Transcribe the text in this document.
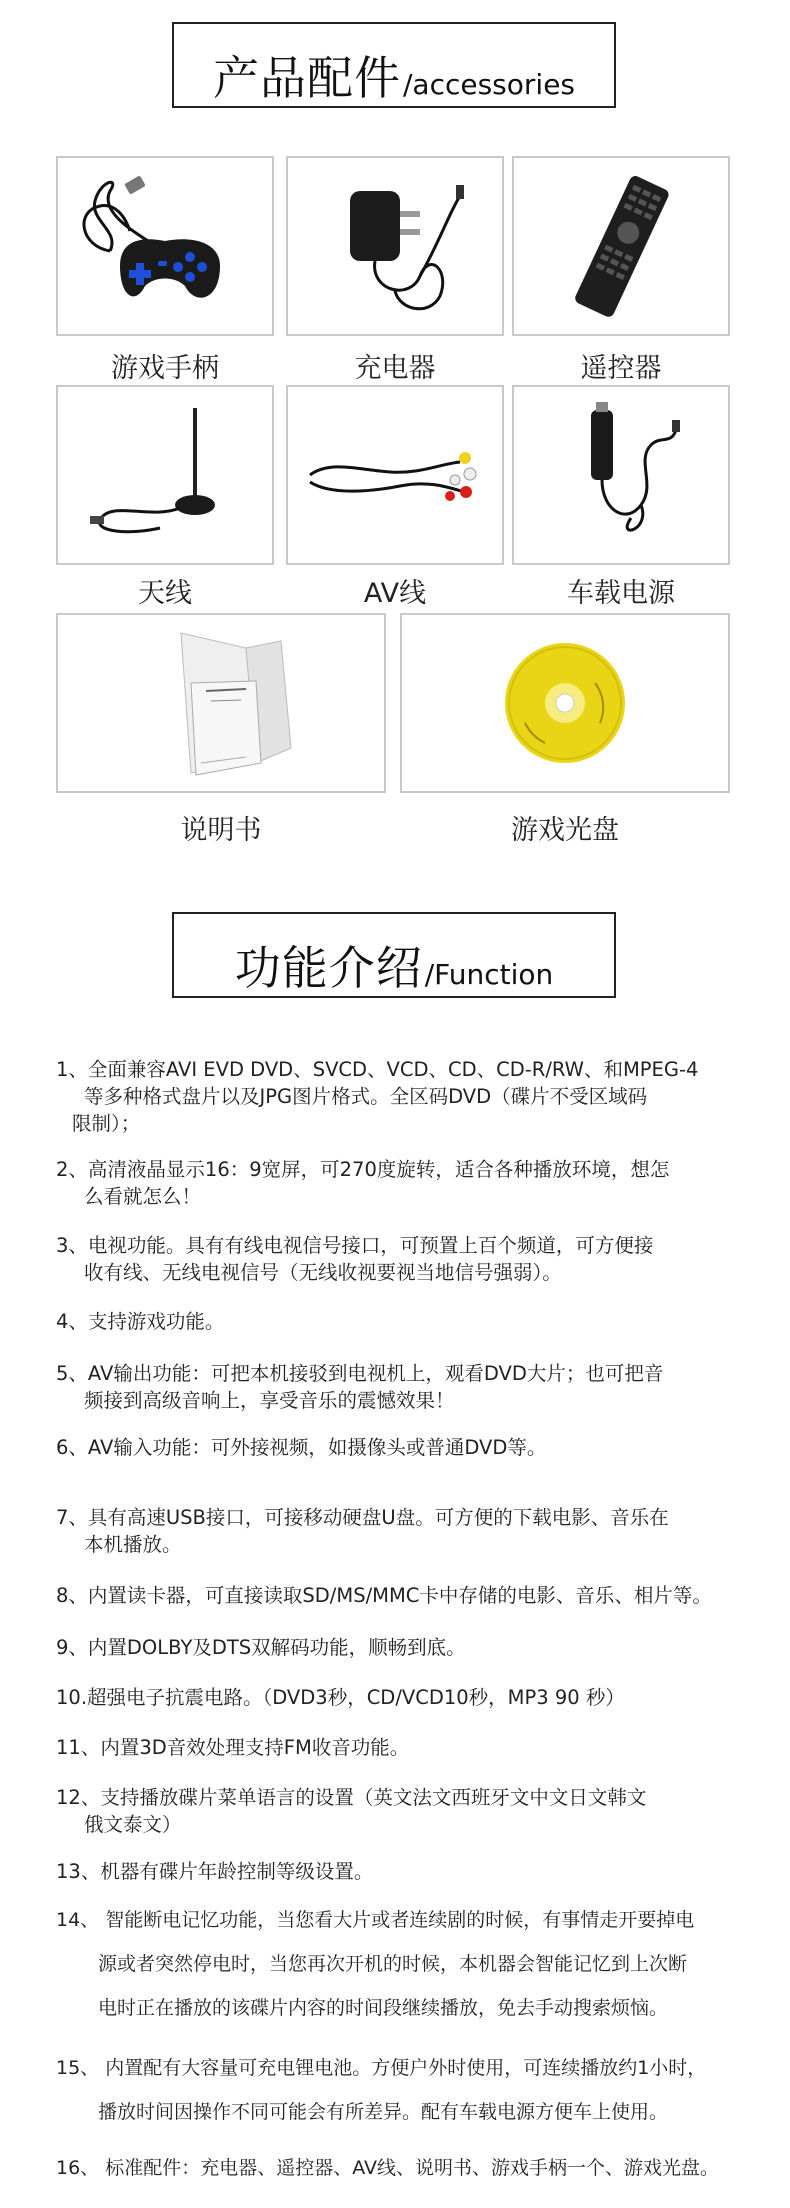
产品配件 /accessories
游戏手柄	充电器	遥控器
天线	AV线	车载电源
说明书	游戏光盘
功能介绍 /Function
1、全面兼容AVI EVD DVD、SVCD、VCD、CD、CD-R/RW、和MPEG-4
等多种格式盘片以及JPG图片格式。全区码DVD（碟片不受区域码
限制）；
2、高清液晶显示16：9宽屏，可270度旋转，适合各种播放环境，想怎
么看就怎么！
3、电视功能。具有有线电视信号接口，可预置上百个频道，可方便接
收有线、无线电视信号（无线收视要视当地信号强弱）。
4、支持游戏功能。
5、AV输出功能：可把本机接驳到电视机上，观看DVD大片；也可把音
频接到高级音响上，享受音乐的震憾效果！
6、AV输入功能：可外接视频，如摄像头或普通DVD等。
7、具有高速USB接口，可接移动硬盘U盘。可方便的下载电影、音乐在
本机播放。
8、内置读卡器，可直接读取SD/MS/MMC卡中存储的电影、音乐、相片等。
9、内置DOLBY及DTS双解码功能，顺畅到底。
10.超强电子抗震电路。（DVD3秒，CD/VCD10秒，MP3 90 秒）
11、内置3D音效处理支持FM收音功能。
12、支持播放碟片菜单语言的设置（英文法文西班牙文中文日文韩文
俄文泰文）
13、机器有碟片年龄控制等级设置。
14、 智能断电记忆功能，当您看大片或者连续剧的时候，有事情走开要掉电
源或者突然停电时，当您再次开机的时候，本机器会智能记忆到上次断
电时正在播放的该碟片内容的时间段继续播放，免去手动搜索烦恼。
15、 内置配有大容量可充电锂电池。方便户外时使用，可连续播放约1小时，
播放时间因操作不同可能会有所差异。配有车载电源方便车上使用。
16、 标准配件：充电器、遥控器、AV线、说明书、游戏手柄一个、游戏光盘。
